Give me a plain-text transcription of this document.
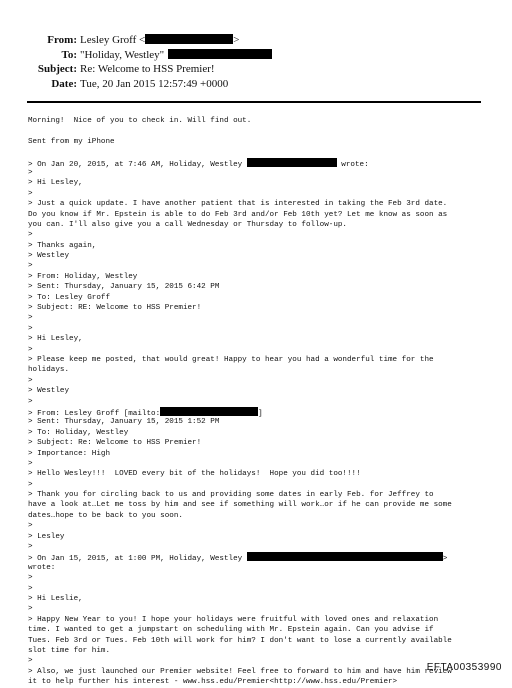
From: Lesley Groff <	>
To: "Holiday, Westley"
Subject: Re: Welcome to HSS Premier!
Date: Tue, 20 Jan 2015 12:57:49 +0000
Morning!  Nice of you to check in. Will find out.
Sent from my iPhone
> On Jan 20, 2015, at 7:46 AM, Holiday, Westley	wrote:
>
> Hi Lesley,
>
> Just a quick update. I have another patient that is interested in taking the Feb 3rd date.
Do you know if Mr. Epstein is able to do Feb 3rd and/or Feb 10th yet? Let me know as soon as
you can. I'll also give you a call Wednesday or Thursday to follow-up.
>
> Thanks again,
> Westley
>
> From: Holiday, Westley
> Sent: Thursday, January 15, 2015 6:42 PM
> To: Lesley Groff
> Subject: RE: Welcome to HSS Premier!
>
>
> Hi Lesley,
>
> Please keep me posted, that would great! Happy to hear you had a wonderful time for the
holidays.
>
> Westley
>
> From: Lesley Groff [mailto:	]
> Sent: Thursday, January 15, 2015 1:52 PM
> To: Holiday, Westley
> Subject: Re: Welcome to HSS Premier!
> Importance: High
>
> Hello Wesley!!!  LOVED every bit of the holidays!  Hope you did too!!!!
>
> Thank you for circling back to us and providing some dates in early Feb. for Jeffrey to
have a look at…Let me toss by him and see if something will work…or if he can provide me some
dates…hope to be back to you soon.
>
> Lesley
>
> On Jan 15, 2015, at 1:00 PM, Holiday, Westley	>
wrote:
>
>
> Hi Leslie,
>
> Happy New Year to you! I hope your holidays were fruitful with loved ones and relaxation
time. I wanted to get a jumpstart on scheduling with Mr. Epstein again. Can you advise if
Tues. Feb 3rd or Tues. Feb 10th will work for him? I don't want to lose a currently available
slot time for him.
>
> Also, we just launched our Premier website! Feel free to forward to him and have him review
it to help further his interest - www.hss.edu/Premier<http://www.hss.edu/Premier>
EFTA00353990
